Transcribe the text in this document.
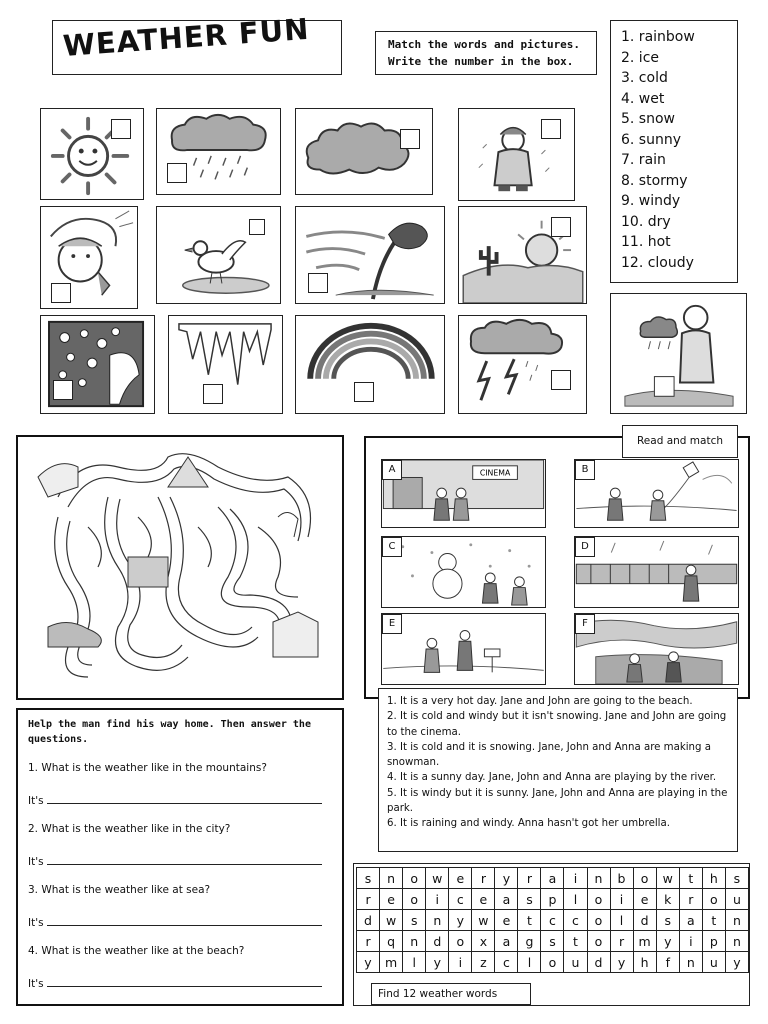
WEATHER FUN	Match the words and pictures.
Write the number in the box.
1. rainbow
2. ice
3. cold
4. wet
5. snow
6. sunny
7. rain
8. stormy
9. windy
10. dry
11. hot
12. cloudy

Help the man find his way home. Then answer the questions.

1. What is the weather like in the mountains?

It's

2. What is the weather like in the city?

It's

3. What is the weather like at sea?

It's

4. What is the weather like at the beach?

It's

Read and match
CINEMA
A	B
C	D
E	F

1. It is a very hot day. Jane and John are going to the beach.

2. It is cold and windy but it isn't snowing. Jane and John are going to the cinema.

3. It is cold and it is snowing. Jane, John and Anna are making a snowman.

4. It is a sunny day. Jane, John and Anna are playing by the river.

5. It is windy but it is sunny. Jane, John and Anna are playing in the park.

6. It is raining and windy. Anna hasn't got her umbrella.

s	n	o	w	e	r	y	r	a	i	n	b	o	w	t	h	s
r	e	o	i	c	e	a	s	p	l	o	i	e	k	r	o	u
d	w	s	n	y	w	e	t	c	c	o	l	d	s	a	t	n
r	q	n	d	o	x	a	g	s	t	o	r	m	y	i	p	n
y	m	l	y	i	z	c	l	o	u	d	y	h	f	n	u	y
Find 12 weather words
